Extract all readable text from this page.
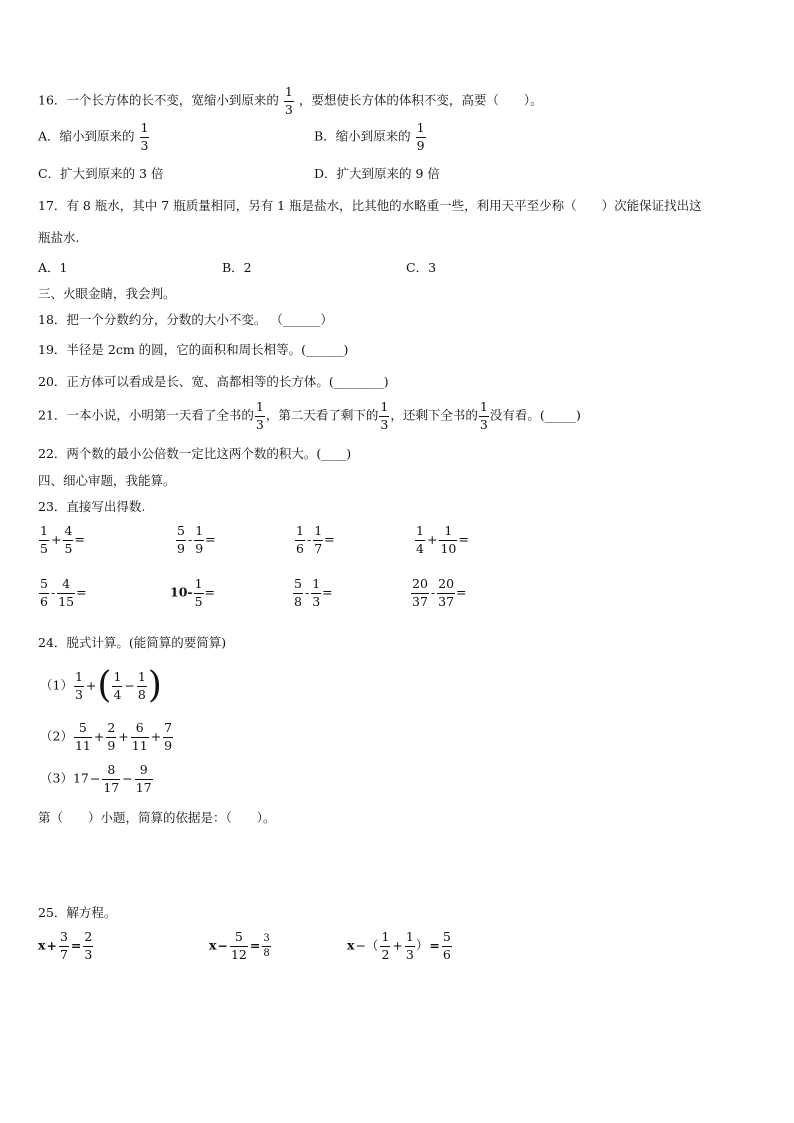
16．一个长方体的长不变，宽缩小到原来的 $\frac{1}{3}$ ，要想使长方体的体积不变，高要（　　）。
A．缩小到原来的 $\frac{1}{3}$	B．缩小到原来的 $\frac{1}{9}$
C．扩大到原来的 3 倍	D．扩大到原来的 9 倍
17．有 8 瓶水，其中 7 瓶质量相同，另有 1 瓶是盐水，比其他的水略重一些，利用天平至少称（　　）次能保证找出这
瓶盐水.
A．1	B．2	C．3
三、火眼金睛，我会判。
18．把一个分数约分，分数的大小不变。 （______）
19．半径是 2cm 的圆，它的面积和周长相等。(______)
20．正方体可以看成是长、宽、高都相等的长方体。(________)
21．一本小说，小明第一天看了全书的 $\frac{1}{3}$ ，第二天看了剩下的 $\frac{1}{3}$ ，还剩下全书的 $\frac{1}{3}$ 没有看。(_____)
22．两个数的最小公倍数一定比这两个数的积大。(____)
四、细心审题，我能算。
23．直接写出得数.
$\frac{1}{5} + \frac{4}{5}$ =	$\frac{5}{9} - \frac{1}{9}$ =	$\frac{1}{6} - \frac{1}{7}$ =	$\frac{1}{4} + \frac{1}{10}$ =
$\frac{5}{6} - \frac{4}{15}$ =	$10- \frac{1}{5}$ =	$\frac{5}{8} - \frac{1}{3}$ =	$\frac{20}{37} - \frac{20}{37}$ =
24．脱式计算。(能简算的要简算)
$(1) \frac{1}{3}$ +( $\frac{1}{4} - \frac{1}{8}$ )
$(2) \frac{5}{11} + \frac{2}{9} + \frac{6}{11} + \frac{7}{9}$
$(3)17- \frac{8}{17} - \frac{9}{17}$
第（　　）小题，简算的依据是：（　　）。
25．解方程。
$x+ \frac{3}{7} = \frac{2}{3}$	$x- \frac{5}{12} = \frac{3}{8}$	$x-( \frac{1}{2} + \frac{1}{3}$ ）= $\frac{5}{6}$
